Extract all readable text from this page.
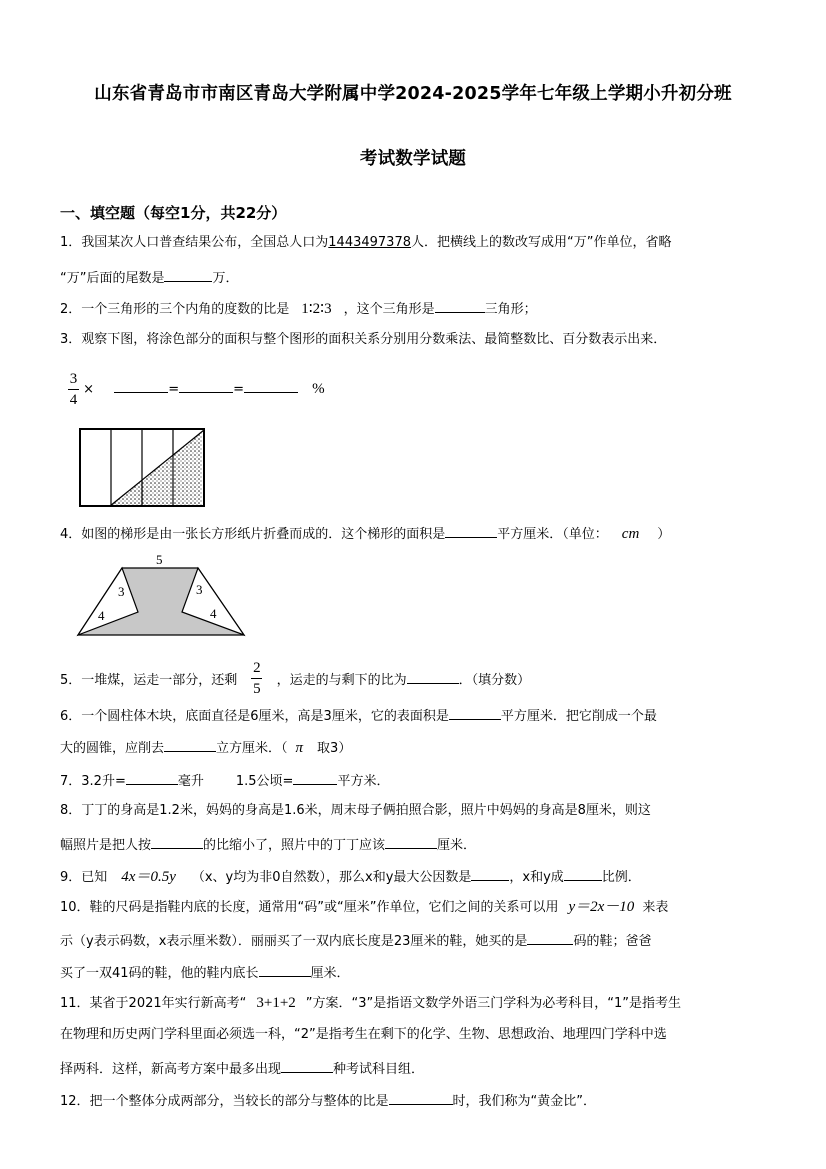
山东省青岛市市南区青岛大学附属中学2024-2025学年七年级上学期小升初分班
考试数学试题
一、填空题（每空1分，共22分）
1．我国某次人口普查结果公布，全国总人口为1443497378人．把横线上的数改写成用“万”作单位，省略
“万”后面的尾数是	万．
2．一个三角形的三个内角的度数的比是 1∶2∶3 ，这个三角形是	三角形；
3．观察下图，将涂色部分的面积与整个图形的面积关系分别用分数乘法、最简整数比、百分数表示出来．
$\frac{3}{4}$ ×	=	=	%
4．如图的梯形是由一张长方形纸片折叠而成的．这个梯形的面积是	平方厘米．（单位： cm ）
5
3	3
4	4
5．一堆煤，运走一部分，还剩 $\frac{2}{5}$ ，运走的与剩下的比为	．（填分数）
6．一个圆柱体木块，底面直径是6厘米，高是3厘米，它的表面积是	平方厘米．把它削成一个最
大的圆锥，应削去	立方厘米．（ π 取3）
7．3.2升=	毫升 1.5公顷=	平方米．
8．丁丁的身高是1.2米，妈妈的身高是1.6米，周末母子俩拍照合影，照片中妈妈的身高是8厘米，则这
幅照片是把人按	的比缩小了，照片中的丁丁应该	厘米．
9．已知 4x＝0.5y （x、y均为非0自然数），那么x和y最大公因数是	，x和y成	比例．
10．鞋的尺码是指鞋内底的长度，通常用“码”或“厘米”作单位，它们之间的关系可以用 y＝2x－10 来表
示（y表示码数，x表示厘米数）．丽丽买了一双内底长度是23厘米的鞋，她买的是	码的鞋；爸爸
买了一双41码的鞋，他的鞋内底长	厘米．
11．某省于2021年实行新高考“ 3+1+2 ”方案．“3”是指语文数学外语三门学科为必考科目，“1”是指考生
在物理和历史两门学科里面必须选一科，“2”是指考生在剩下的化学、生物、思想政治、地理四门学科中选
择两科．这样，新高考方案中最多出现	种考试科目组．
12．把一个整体分成两部分，当较长的部分与整体的比是	时，我们称为“黄金比”．
